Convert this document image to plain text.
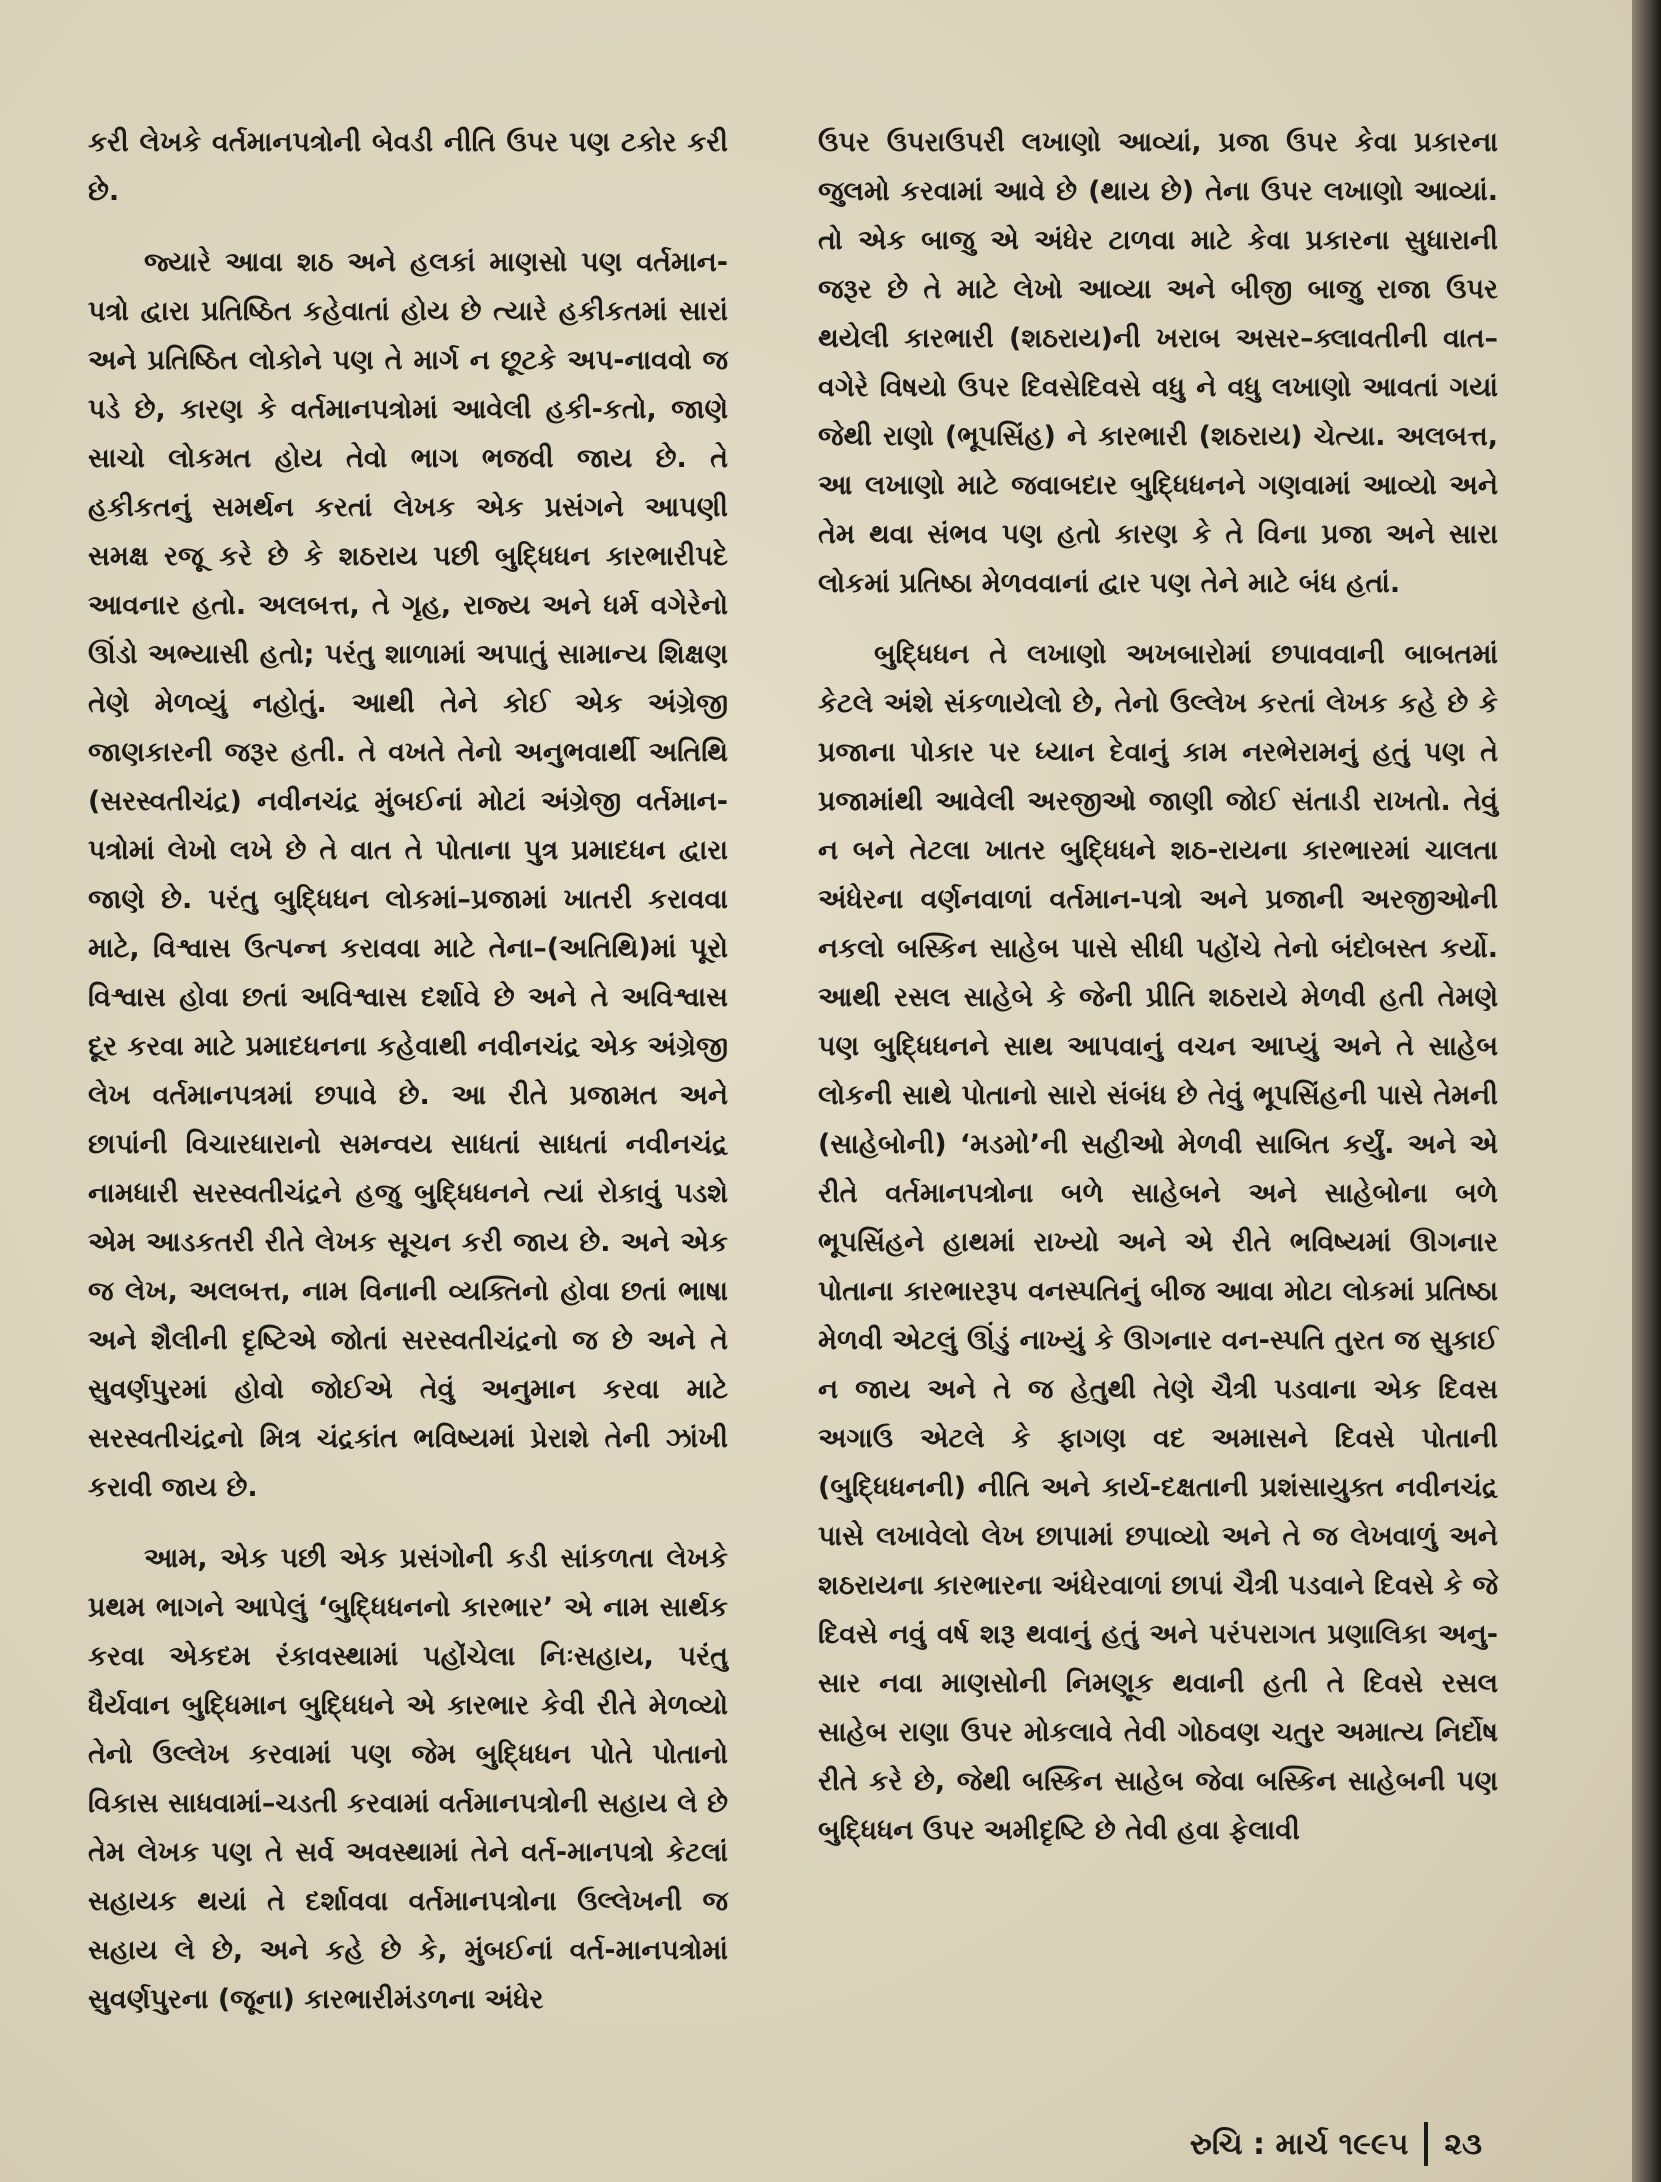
કરી લેખકે વર્તમાનપત્રોની બેવડી નીતિ ઉપર પણ ટકોર કરી છે.

જ્યારે આવા શઠ અને હલકાં માણસો પણ વર્તમાન-પત્રો દ્વારા પ્રતિષ્ઠિત કહેવાતાં હોય છે ત્યારે હકીકતમાં સારાં અને પ્રતિષ્ઠિત લોકોને પણ તે માર્ગ ન છૂટકે અપ-નાવવો જ પડે છે, કારણ કે વર્તમાનપત્રોમાં આવેલી હકી-કતો, જાણે સાચો લોકમત હોય તેવો ભાગ ભજવી જાય છે. તે હકીકતનું સમર્થન કરતાં લેખક એક પ્રસંગને આપણી સમક્ષ રજૂ કરે છે કે શઠરાય પછી બુદ્ધિધન કારભારીપદે આવનાર હતો. અલબત્ત, તે ગૃહ, રાજ્ય અને ધર્મ વગેરેનો ઊંડો અભ્યાસી હતો; પરંતુ શાળામાં અપાતું સામાન્ય શિક્ષણ તેણે મેળવ્યું નહોતું. આથી તેને કોઈ એક અંગ્રેજી જાણકારની જરૂર હતી. તે વખતે તેનો અનુભવાર્થી અતિથિ (સરસ્વતીચંદ્ર) નવીનચંદ્ર મુંબઈનાં મોટાં અંગ્રેજી વર્તમાન-પત્રોમાં લેખો લખે છે તે વાત તે પોતાના પુત્ર પ્રમાદધન દ્વારા જાણે છે. પરંતુ બુદ્ધિધન લોકમાં–પ્રજામાં ખાતરી કરાવવા માટે, વિશ્વાસ ઉત્પન્ન કરાવવા માટે તેના–(અતિથિ)માં પૂરો વિશ્વાસ હોવા છતાં અવિશ્વાસ દર્શાવે છે અને તે અવિશ્વાસ દૂર કરવા માટે પ્રમાદધનના કહેવાથી નવીનચંદ્ર એક અંગ્રેજી લેખ વર્તમાનપત્રમાં છપાવે છે. આ રીતે પ્રજામત અને છાપાંની વિચારધારાનો સમન્વય સાધતાં સાધતાં નવીનચંદ્ર નામધારી સરસ્વતીચંદ્રને હજુ બુદ્ધિધનને ત્યાં રોકાવું પડશે એમ આડકતરી રીતે લેખક સૂચન કરી જાય છે. અને એક જ લેખ, અલબત્ત, નામ વિનાની વ્યક્તિનો હોવા છતાં ભાષા અને શૈલીની દૃષ્ટિએ જોતાં સરસ્વતીચંદ્રનો જ છે અને તે સુવર્ણપુરમાં હોવો જોઈએ તેવું અનુમાન કરવા માટે સરસ્વતીચંદ્રનો મિત્ર ચંદ્રકાંત ભવિષ્યમાં પ્રેરાશે તેની ઝાંખી કરાવી જાય છે.

આમ, એક પછી એક પ્રસંગોની કડી સાંકળતા લેખકે પ્રથમ ભાગને આપેલું ‘બુદ્ધિધનનો કારભાર’ એ નામ સાર્થક કરવા એકદમ રંકાવસ્થામાં પહોંચેલા નિઃસહાય, પરંતુ ધૈર્યવાન બુદ્ધિમાન બુદ્ધિધને એ કારભાર કેવી રીતે મેળવ્યો તેનો ઉલ્લેખ કરવામાં પણ જેમ બુદ્ધિધન પોતે પોતાનો વિકાસ સાધવામાં–ચડતી કરવામાં વર્તમાનપત્રોની સહાય લે છે તેમ લેખક પણ તે સર્વ અવસ્થામાં તેને વર્ત-માનપત્રો કેટલાં સહાયક થયાં તે દર્શાવવા વર્તમાનપત્રોના ઉલ્લેખની જ સહાય લે છે, અને કહે છે કે, મુંબઈનાં વર્ત-માનપત્રોમાં સુવર્ણપુરના (જૂના) કારભારીમંડળના અંધેર

ઉપર ઉપરાઉપરી લખાણો આવ્યાં, પ્રજા ઉપર કેવા પ્રકારના જુલમો કરવામાં આવે છે (થાય છે) તેના ઉપર લખાણો આવ્યાં. તો એક બાજુ એ અંધેર ટાળવા માટે કેવા પ્રકારના સુધારાની જરૂર છે તે માટે લેખો આવ્યા અને બીજી બાજુ રાજા ઉપર થયેલી કારભારી (શઠરાય)ની ખરાબ અસર–ક્લાવતીની વાત–વગેરે વિષયો ઉપર દિવસેદિવસે વધુ ને વધુ લખાણો આવતાં ગયાં જેથી રાણો (ભૂપસિંહ) ને કારભારી (શઠરાય) ચેત્યા. અલબત્ત, આ લખાણો માટે જવાબદાર બુદ્ધિધનને ગણવામાં આવ્યો અને તેમ થવા સંભવ પણ હતો કારણ કે તે વિના પ્રજા અને સારા લોકમાં પ્રતિષ્ઠા મેળવવાનાં દ્વાર પણ તેને માટે બંધ હતાં.

બુદ્ધિધન તે લખાણો અખબારોમાં છપાવવાની બાબતમાં કેટલે અંશે સંકળાયેલો છે, તેનો ઉલ્લેખ કરતાં લેખક કહે છે કે પ્રજાના પોકાર પર ધ્યાન દેવાનું કામ નરભેરામનું હતું પણ તે પ્રજામાંથી આવેલી અરજીઓ જાણી જોઈ સંતાડી રાખતો. તેવું ન બને તેટલા ખાતર બુદ્ધિધને શઠ-રાયના કારભારમાં ચાલતા અંધેરના વર્ણનવાળાં વર્તમાન-પત્રો અને પ્રજાની અરજીઓની નકલો બસ્કિન સાહેબ પાસે સીધી પહોંચે તેનો બંદોબસ્ત કર્યો. આથી રસલ સાહેબે કે જેની પ્રીતિ શઠરાયે મેળવી હતી તેમણે પણ બુદ્ધિધનને સાથ આપવાનું વચન આપ્યું અને તે સાહેબ લોકની સાથે પોતાનો સારો સંબંધ છે તેવું ભૂપસિંહની પાસે તેમની (સાહેબોની) ‘મડમો’ની સહીઓ મેળવી સાબિત કર્યું. અને એ રીતે વર્તમાનપત્રોના બળે સાહેબને અને સાહેબોના બળે ભૂપસિંહને હાથમાં રાખ્યો અને એ રીતે ભવિષ્યમાં ઊગનાર પોતાના કારભારરૂપ વનસ્પતિનું બીજ આવા મોટા લોકમાં પ્રતિષ્ઠા મેળવી એટલું ઊંડું નાખ્યું કે ઊગનાર વન-સ્પતિ તુરત જ સુકાઈ ન જાય અને તે જ હેતુથી તેણે ચૈત્રી પડવાના એક દિવસ અગાઉ એટલે કે ફાગણ વદ અમાસને દિવસે પોતાની (બુદ્ધિધનની) નીતિ અને કાર્ય-દક્ષતાની પ્રશંસાયુક્ત નવીનચંદ્ર પાસે લખાવેલો લેખ છાપામાં છપાવ્યો અને તે જ લેખવાળું અને શઠરાયના કારભારના અંધેરવાળાં છાપાં ચૈત્રી પડવાને દિવસે કે જે દિવસે નવું વર્ષ શરૂ થવાનું હતું અને પરંપરાગત પ્રણાલિકા અનુ-સાર નવા માણસોની નિમણૂક થવાની હતી તે દિવસે રસલ સાહેબ રાણા ઉપર મોકલાવે તેવી ગોઠવણ ચતુર અમાત્ય નિર્દોષ રીતે કરે છે, જેથી બસ્કિન સાહેબ જેવા બસ્કિન સાહેબની પણ બુદ્ધિધન ઉપર અમીદૃષ્ટિ છે તેવી હવા ફેલાવી

રુચિ : માર્ચ ૧૯૯૫ ૨૩
